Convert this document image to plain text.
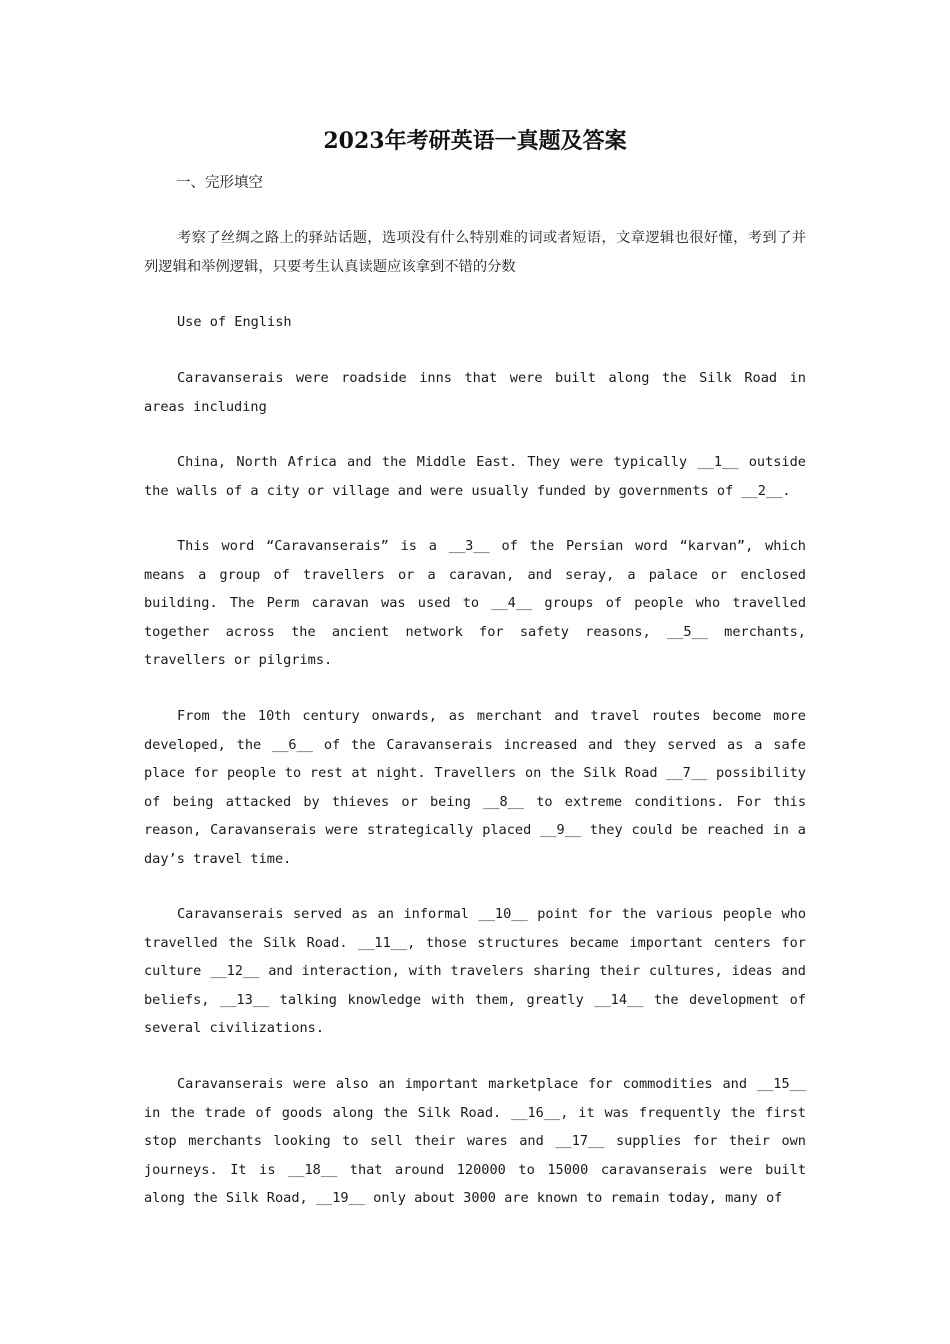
2023年考研英语一真题及答案
一、完形填空

考察了丝绸之路上的驿站话题，选项没有什么特别难的词或者短语，文章逻辑也很好懂，考到了并列逻辑和举例逻辑，只要考生认真读题应该拿到不错的分数

Use of English

Caravanserais were roadside inns that were built along the Silk Road in areas including

China, North Africa and the Middle East. They were typically __1__ outside the walls of a city or village and were usually funded by governments of __2__.

This word “Caravanserais” is a __3__ of the Persian word “karvan”, which means a group of travellers or a caravan, and seray, a palace or enclosed building. The Perm caravan was used to __4__ groups of people who travelled together across the ancient network for safety reasons, __5__ merchants, travellers or pilgrims.

From the 10th century onwards, as merchant and travel routes become more developed, the __6__ of the Caravanserais increased and they served as a safe place for people to rest at night. Travellers on the Silk Road __7__ possibility of being attacked by thieves or being __8__ to extreme conditions. For this reason, Caravanserais were strategically placed __9__ they could be reached in a day’s travel time.

Caravanserais served as an informal __10__ point for the various people who travelled the Silk Road. __11__, those structures became important centers for culture __12__ and interaction, with travelers sharing their cultures, ideas and beliefs, __13__ talking knowledge with them, greatly __14__ the development of several civilizations.

Caravanserais were also an important marketplace for commodities and __15__ in the trade of goods along the Silk Road. __16__, it was frequently the first stop merchants looking to sell their wares and __17__ supplies for their own journeys. It is __18__ that around 120000 to 15000 caravanserais were built along the Silk Road, __19__ only about 3000 are known to remain today, many of
